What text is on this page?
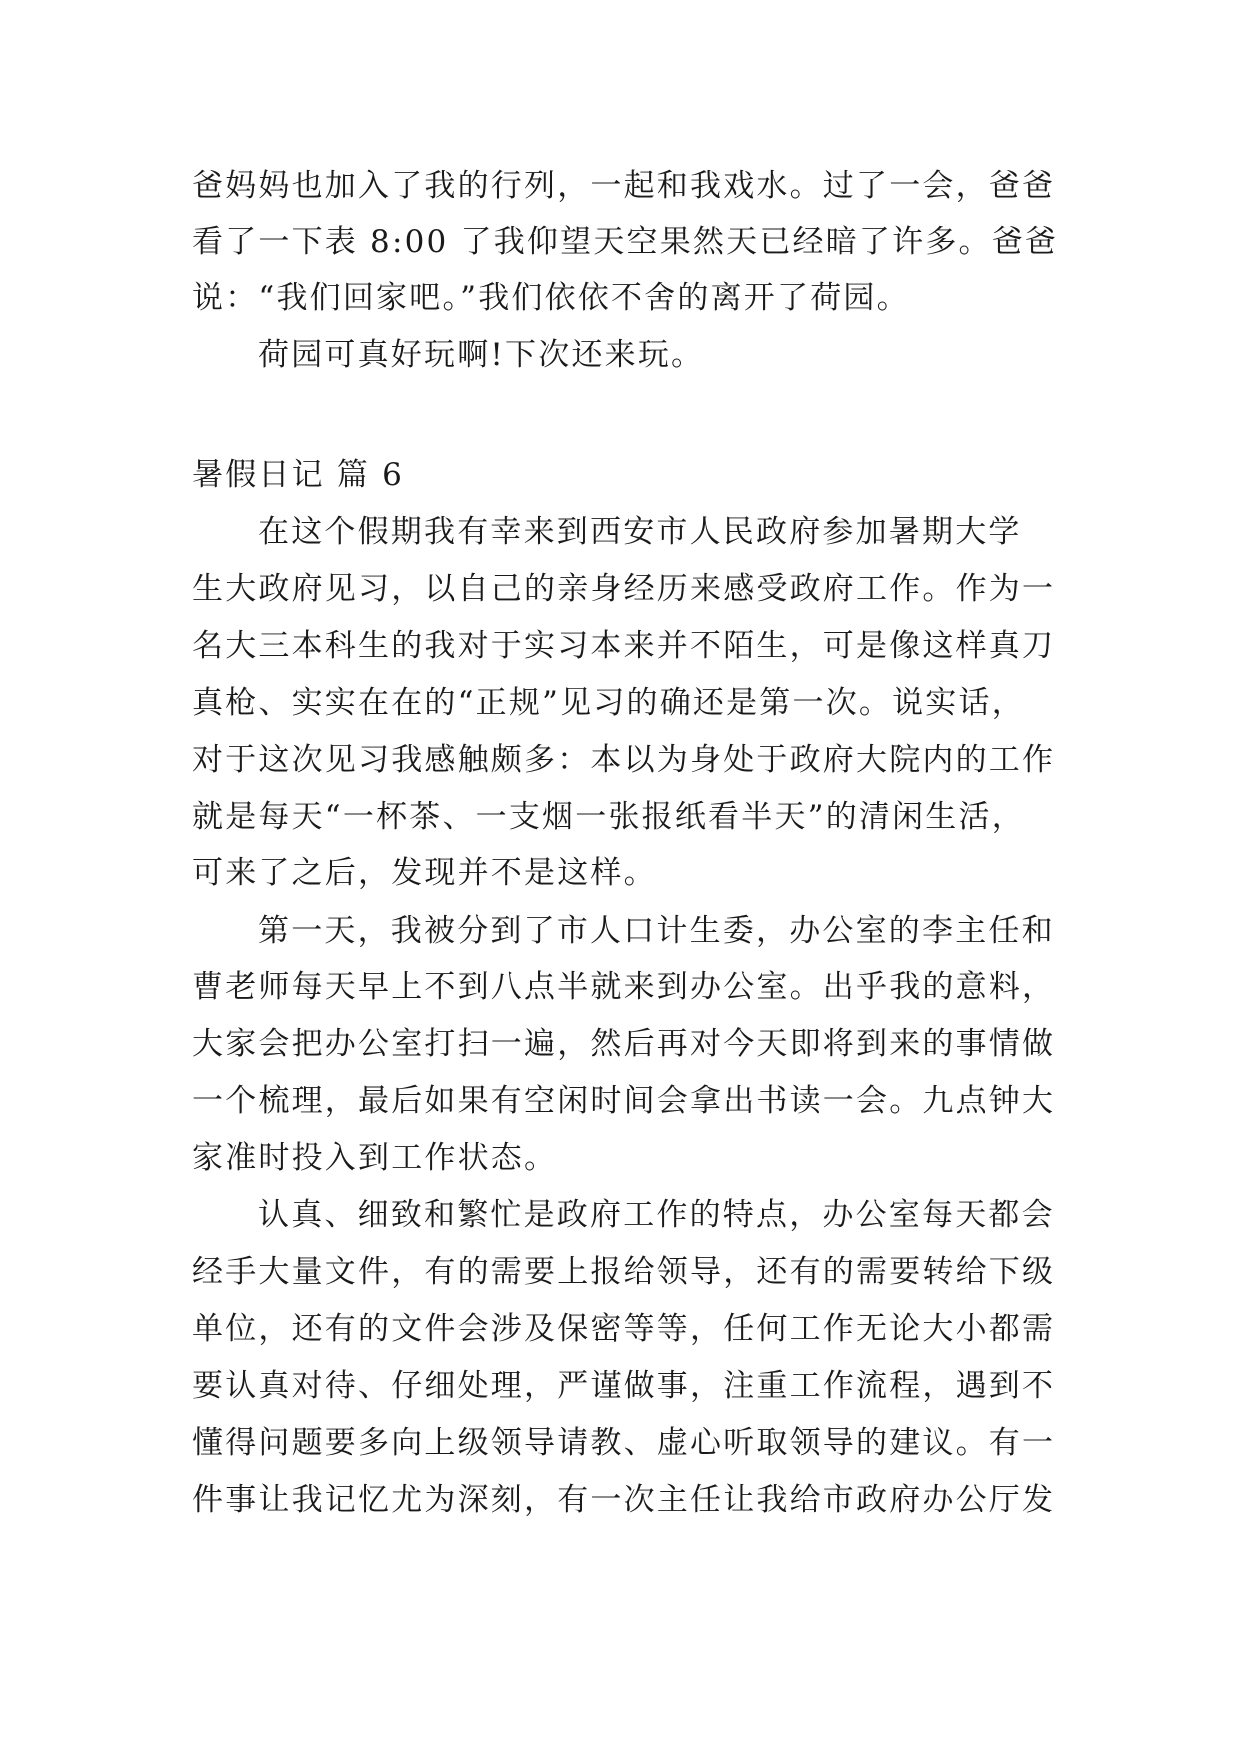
爸妈妈也加入了我的行列，一起和我戏水。过了一会，爸爸
看了一下表 8:00 了我仰望天空果然天已经暗了许多。爸爸
说：“我们回家吧。”我们依依不舍的离开了荷园。
荷园可真好玩啊!下次还来玩。
暑假日记 篇 6
在这个假期我有幸来到西安市人民政府参加暑期大学
生大政府见习，以自己的亲身经历来感受政府工作。作为一
名大三本科生的我对于实习本来并不陌生，可是像这样真刀
真枪、实实在在的“正规”见习的确还是第一次。说实话，
对于这次见习我感触颇多：本以为身处于政府大院内的工作
就是每天“一杯茶、一支烟一张报纸看半天”的清闲生活，
可来了之后，发现并不是这样。
第一天，我被分到了市人口计生委，办公室的李主任和
曹老师每天早上不到八点半就来到办公室。出乎我的意料，
大家会把办公室打扫一遍，然后再对今天即将到来的事情做
一个梳理，最后如果有空闲时间会拿出书读一会。九点钟大
家准时投入到工作状态。
认真、细致和繁忙是政府工作的特点，办公室每天都会
经手大量文件，有的需要上报给领导，还有的需要转给下级
单位，还有的文件会涉及保密等等，任何工作无论大小都需
要认真对待、仔细处理，严谨做事，注重工作流程，遇到不
懂得问题要多向上级领导请教、虚心听取领导的建议。有一
件事让我记忆尤为深刻，有一次主任让我给市政府办公厅发
